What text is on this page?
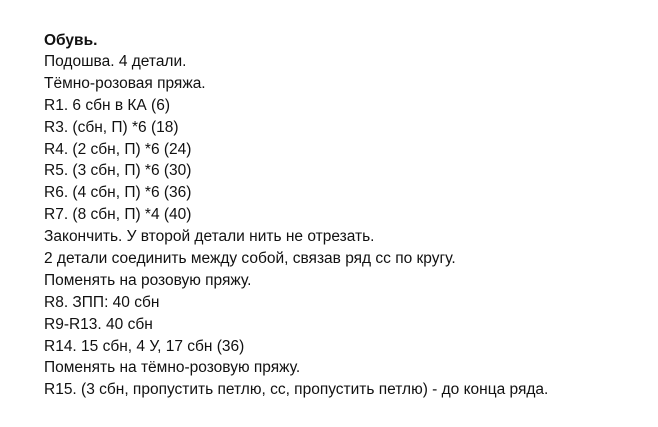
Обувь.
Подошва. 4 детали.
Тёмно-розовая пряжа.
R1. 6 сбн в КА (6)
R3. (сбн, П) *6 (18)
R4. (2 сбн, П) *6 (24)
R5. (3 сбн, П) *6 (30)
R6. (4 сбн, П) *6 (36)
R7. (8 сбн, П) *4 (40)
Закончить. У второй детали нить не отрезать.
2 детали соединить между собой, связав ряд сс по кругу.
Поменять на розовую пряжу.
R8. ЗПП: 40 сбн
R9-R13. 40 сбн
R14. 15 сбн, 4 У, 17 сбн (36)
Поменять на тёмно-розовую пряжу.
R15. (3 сбн, пропустить петлю, сс, пропустить петлю) - до конца ряда.
